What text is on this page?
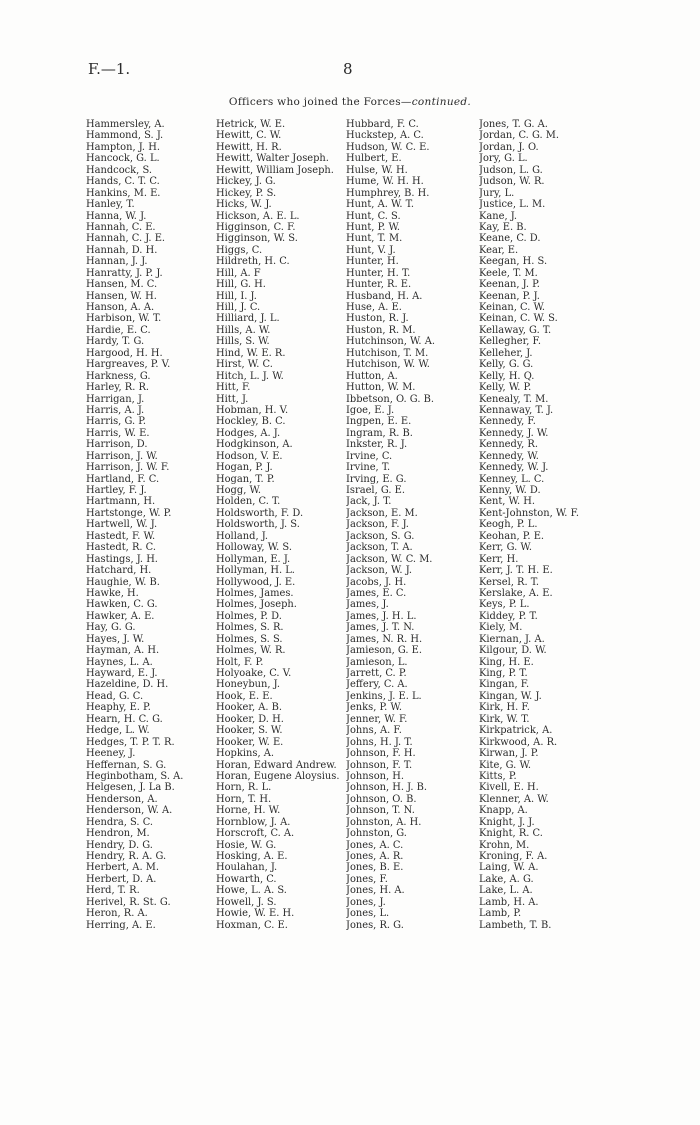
F.—1.	8
Officers who joined the Forces—continued.
Hammersley, A.
Hammond, S. J.
Hampton, J. H.
Hancock, G. L.
Handcock, S.
Hands, C. T. C.
Hankins, M. E.
Hanley, T.
Hanna, W. J.
Hannah, C. E.
Hannah, C. J. E.
Hannah, D. H.
Hannan, J. J.
Hanratty, J. P. J.
Hansen, M. C.
Hansen, W. H.
Hanson, A. A.
Harbison, W. T.
Hardie, E. C.
Hardy, T. G.
Hargood, H. H.
Hargreaves, P. V.
Harkness, G.
Harley, R. R.
Harrigan, J.
Harris, A. J.
Harris, G. P.
Harris, W. E.
Harrison, D.
Harrison, J. W.
Harrison, J. W. F.
Hartland, F. C.
Hartley, F. J.
Hartmann, H.
Hartstonge, W. P.
Hartwell, W. J.
Hastedt, F. W.
Hastedt, R. C.
Hastings, J. H.
Hatchard, H.
Haughie, W. B.
Hawke, H.
Hawken, C. G.
Hawker, A. E.
Hay, G. G.
Hayes, J. W.
Hayman, A. H.
Haynes, L. A.
Hayward, E. J.
Hazeldine, D. H.
Head, G. C.
Heaphy, E. P.
Hearn, H. C. G.
Hedge, L. W.
Hedges, T. P. T. R.
Heeney, J.
Heffernan, S. G.
Heginbotham, S. A.
Helgesen, J. La B.
Henderson, A.
Henderson, W. A.
Hendra, S. C.
Hendron, M.
Hendry, D. G.
Hendry, R. A. G.
Herbert, A. M.
Herbert, D. A.
Herd, T. R.
Herivel, R. St. G.
Heron, R. A.
Herring, A. E.
Hetrick, W. E.
Hewitt, C. W.
Hewitt, H. R.
Hewitt, Walter Joseph.
Hewitt, William Joseph.
Hickey, J. G.
Hickey, P. S.
Hicks, W. J.
Hickson, A. E. L.
Higginson, C. F.
Higginson, W. S.
Higgs, C.
Hildreth, H. C.
Hill, A. F
Hill, G. H.
Hill, I. J.
Hill, J. C.
Hilliard, J. L.
Hills, A. W.
Hills, S. W.
Hind, W. E. R.
Hirst, W. C.
Hitch, L. J. W.
Hitt, F.
Hitt, J.
Hobman, H. V.
Hockley, B. C.
Hodges, A. J.
Hodgkinson, A.
Hodson, V. E.
Hogan, P. J.
Hogan, T. P.
Hogg, W.
Holden, C. T.
Holdsworth, F. D.
Holdsworth, J. S.
Holland, J.
Holloway, W. S.
Hollyman, E. J.
Hollyman, H. L.
Hollywood, J. E.
Holmes, James.
Holmes, Joseph.
Holmes, P. D.
Holmes, S. R.
Holmes, S. S.
Holmes, W. R.
Holt, F. P.
Holyoake, C. V.
Honeybun, J.
Hook, E. E.
Hooker, A. B.
Hooker, D. H.
Hooker, S. W.
Hooker, W. E.
Hopkins, A.
Horan, Edward Andrew.
Horan, Eugene Aloysius.
Horn, R. L.
Horn, T. H.
Horne, H. W.
Hornblow, J. A.
Horscroft, C. A.
Hosie, W. G.
Hosking, A. E.
Houlahan, J.
Howarth, C.
Howe, L. A. S.
Howell, J. S.
Howie, W. E. H.
Hoxman, C. E.
Hubbard, F. C.
Huckstep, A. C.
Hudson, W. C. E.
Hulbert, E.
Hulse, W. H.
Hume, W. H. H.
Humphrey, B. H.
Hunt, A. W. T.
Hunt, C. S.
Hunt, P. W.
Hunt, T. M.
Hunt, V. J.
Hunter, H.
Hunter, H. T.
Hunter, R. E.
Husband, H. A.
Huse, A. E.
Huston, R. J.
Huston, R. M.
Hutchinson, W. A.
Hutchison, T. M.
Hutchison, W. W.
Hutton, A.
Hutton, W. M.
Ibbetson, O. G. B.
Igoe, E. J.
Ingpen, E. E.
Ingram, R. B.
Inkster, R. J.
Irvine, C.
Irvine, T.
Irving, E. G.
Israel, G. E.
Jack, J. T.
Jackson, E. M.
Jackson, F. J.
Jackson, S. G.
Jackson, T. A.
Jackson, W. C. M.
Jackson, W. J.
Jacobs, J. H.
James, E. C.
James, J.
James, J. H. L.
James, J. T. N.
James, N. R. H.
Jamieson, G. E.
Jamieson, L.
Jarrett, C. P.
Jeffery, C. A.
Jenkins, J. E. L.
Jenks, P. W.
Jenner, W. F.
Johns, A. F.
Johns, H. J. T.
Johnson, F. H.
Johnson, F. T.
Johnson, H.
Johnson, H. J. B.
Johnson, O. B.
Johnson, T. N.
Johnston, A. H.
Johnston, G.
Jones, A. C.
Jones, A. R.
Jones, B. E.
Jones, F.
Jones, H. A.
Jones, J.
Jones, L.
Jones, R. G.
Jones, T. G. A.
Jordan, C. G. M.
Jordan, J. O.
Jory, G. L.
Judson, L. G.
Judson, W. R.
Jury, L.
Justice, L. M.
Kane, J.
Kay, E. B.
Keane, C. D.
Kear, E.
Keegan, H. S.
Keele, T. M.
Keenan, J. P.
Keenan, P. J.
Keinan, C. W.
Keinan, C. W. S.
Kellaway, G. T.
Kellegher, F.
Kelleher, J.
Kelly, G. G.
Kelly, H. Q.
Kelly, W. P.
Kenealy, T. M.
Kennaway, T. J.
Kennedy, F.
Kennedy, J. W.
Kennedy, R.
Kennedy, W.
Kennedy, W. J.
Kenney, L. C.
Kenny, W. D.
Kent, W. H.
Kent-Johnston, W. F.
Keogh, P. L.
Keohan, P. E.
Kerr, G. W.
Kerr, H.
Kerr, J. T. H. E.
Kersel, R. T.
Kerslake, A. E.
Keys, P. L.
Kiddey, P. T.
Kiely, M.
Kiernan, J. A.
Kilgour, D. W.
King, H. E.
King, P. T.
Kingan, F.
Kingan, W. J.
Kirk, H. F.
Kirk, W. T.
Kirkpatrick, A.
Kirkwood, A. R.
Kirwan, J. P.
Kite, G. W.
Kitts, P.
Kivell, E. H.
Klenner, A. W.
Knapp, A.
Knight, J. J.
Knight, R. C.
Krohn, M.
Kroning, F. A.
Laing, W. A.
Lake, A. G.
Lake, L. A.
Lamb, H. A.
Lamb, P.
Lambeth, T. B.
